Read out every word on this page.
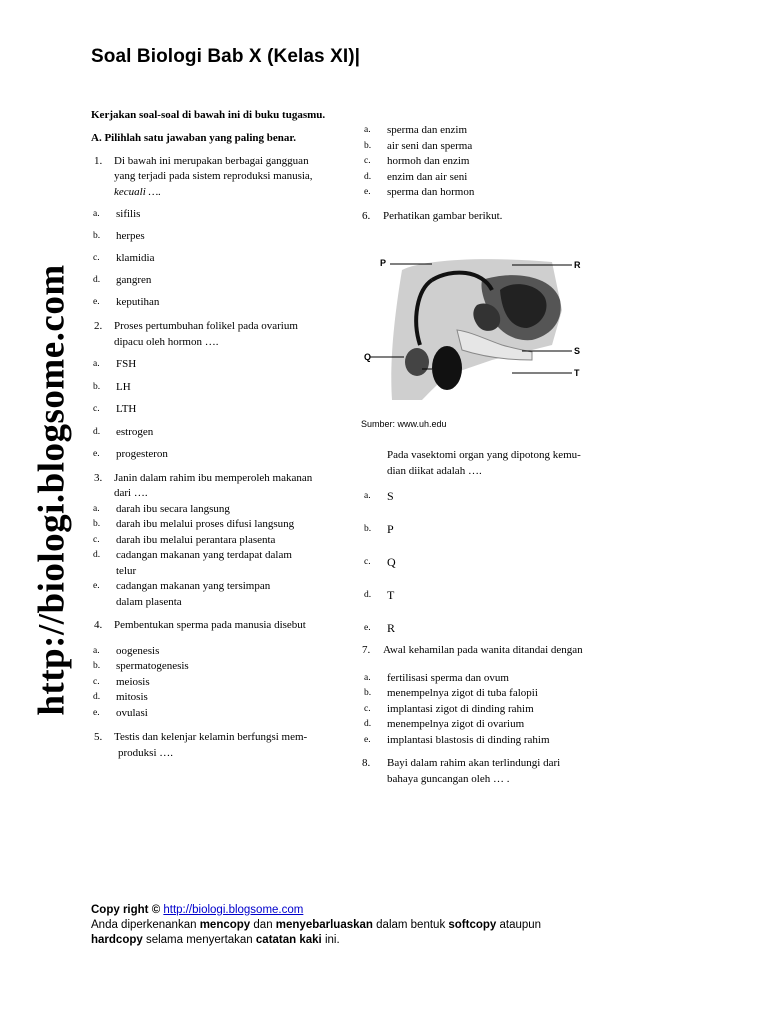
Soal Biologi Bab X (Kelas XI)|
http://biologi.blogsome.com
Kerjakan soal-soal di bawah ini di buku tugasmu.
A. Pilihlah satu jawaban yang paling benar.
1. Di bawah ini merupakan berbagai gangguan
yang terjadi pada sistem reproduksi manusia,
kecuali ….
a. sifilis
b. herpes
c. klamidia
d. gangren
e. keputihan
2. Proses pertumbuhan folikel pada ovarium
dipacu oleh hormon ….
a. FSH
b. LH
c. LTH
d. estrogen
e. progesteron
3. Janin dalam rahim ibu memperoleh makanan
dari ….
a. darah ibu secara langsung
b. darah ibu melalui proses difusi langsung
c. darah ibu melalui perantara plasenta
d. cadangan makanan yang terdapat dalam
telur
e. cadangan makanan yang tersimpan
dalam plasenta
4. Pembentukan sperma pada manusia disebut
a. oogenesis
b. spermatogenesis
c. meiosis
d. mitosis
e. ovulasi
5. Testis dan kelenjar kelamin berfungsi mem-
produksi ….
a. sperma dan enzim
b. air seni dan sperma
c. hormoh dan enzim
d. enzim dan air seni
e. sperma dan hormon
6. Perhatikan gambar berikut.
P	R
Q
S
T
Sumber: www.uh.edu
Pada vasektomi organ yang dipotong kemu-
dian diikat adalah ….
a. S
b. P
c. Q
d. T
e. R
7. Awal kehamilan pada wanita ditandai dengan
a. fertilisasi sperma dan ovum
b. menempelnya zigot di tuba falopii
c. implantasi zigot di dinding rahim
d. menempelnya zigot di ovarium
e. implantasi blastosis di dinding rahim
8. Bayi dalam rahim akan terlindungi dari
bahaya guncangan oleh … .
Copy right © http://biologi.blogsome.com
Anda diperkenankan mencopy dan menyebarluaskan dalam bentuk softcopy ataupun
hardcopy selama menyertakan catatan kaki ini.
